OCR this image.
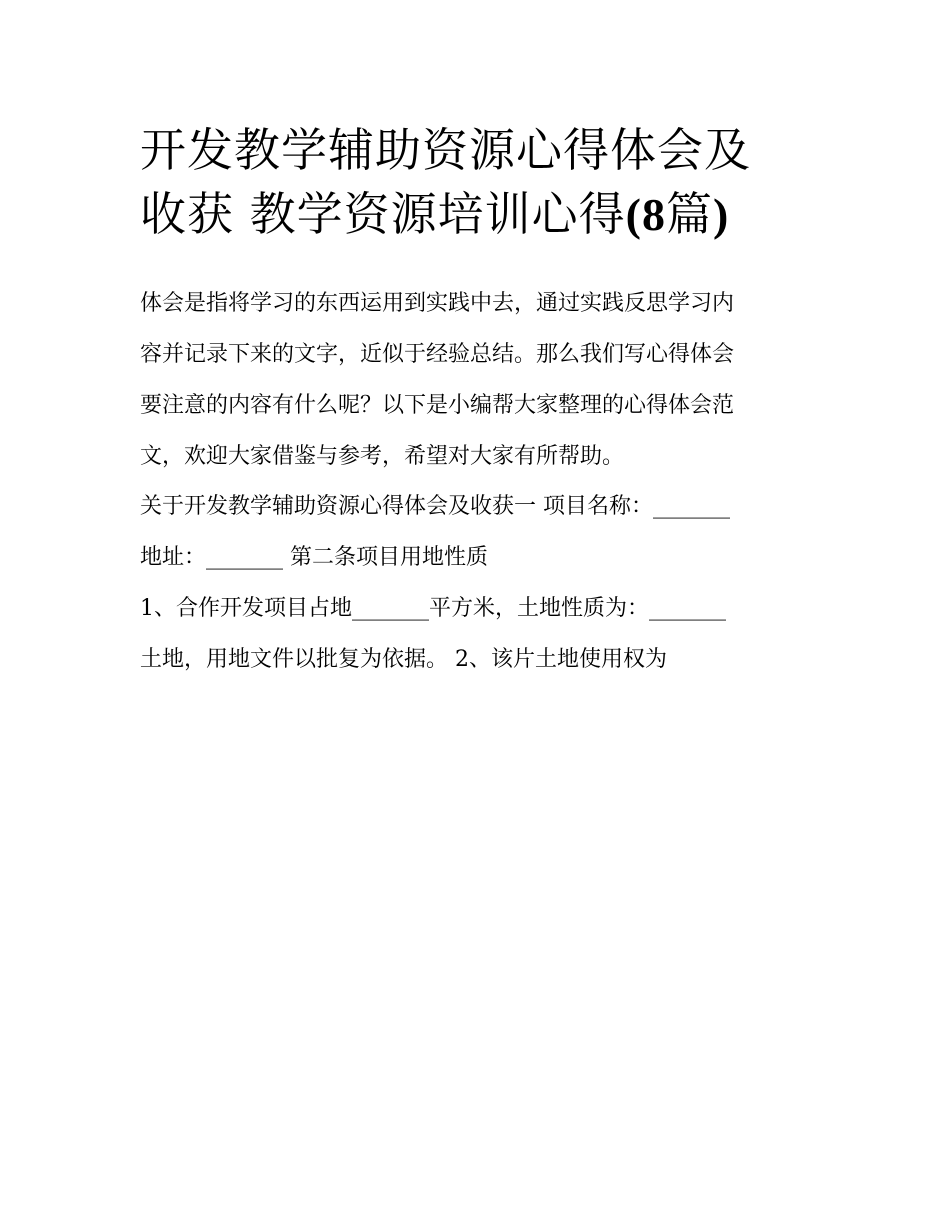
开发教学辅助资源心得体会及
收获 教学资源培训心得(8篇)
体会是指将学习的东西运用到实践中去，通过实践反思学习内
容并记录下来的文字，近似于经验总结。那么我们写心得体会
要注意的内容有什么呢？以下是小编帮大家整理的心得体会范
文，欢迎大家借鉴与参考，希望对大家有所帮助。
关于开发教学辅助资源心得体会及收获一 项目名称：_______
地址：_______ 第二条项目用地性质
1、合作开发项目占地_______平方米，土地性质为：_______
土地，用地文件以批复为依据。 2、该片土地使用权为
